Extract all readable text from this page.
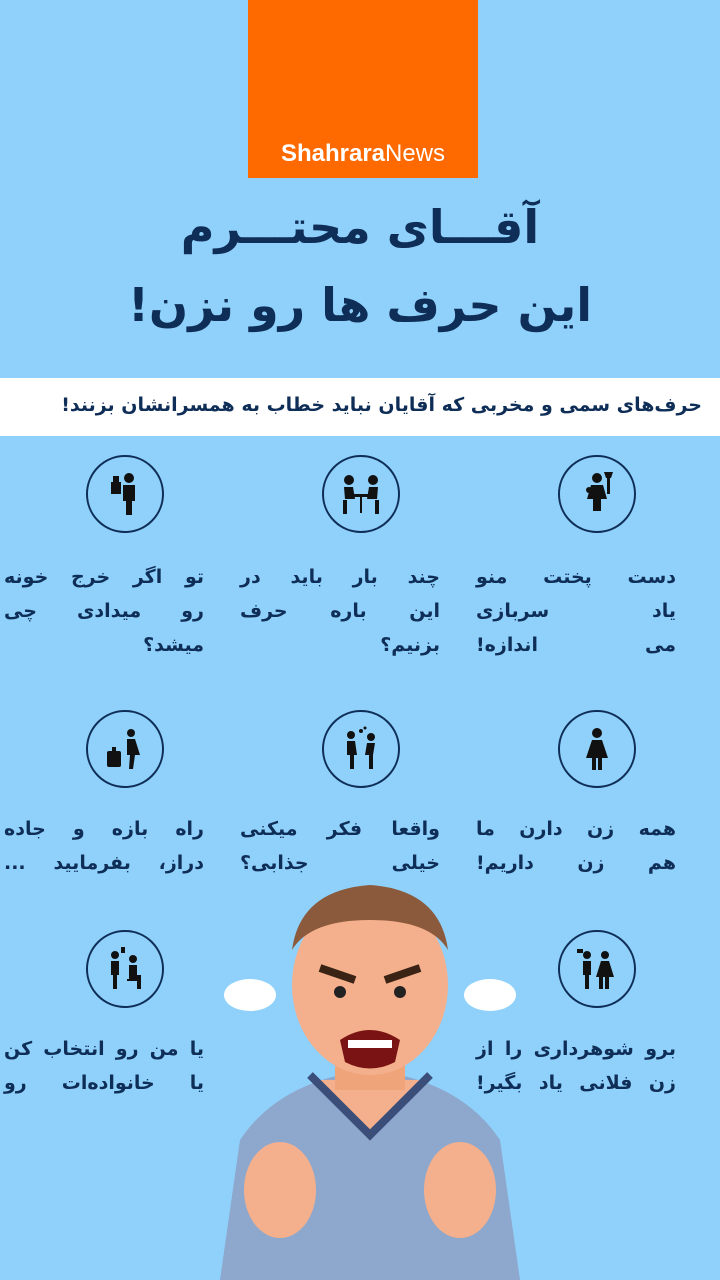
ShahraraNews
آقـــای محتـــرم
این حرف ها رو نزن!
حرف‌های سمی و مخربی که آقایان نباید خطاب به همسرانشان بزنند!
دست پختت منو
یاد سربازی
می اندازه!
چند بار باید در
این باره حرف
بزنیم؟
تو اگر خرج خونه
رو میدادی چی
میشد؟
همه زن دارن ما
هم زن داریم!
واقعا فکر میکنی
خیلی جذابی؟
راه بازه و جاده
دراز، بفرمایید ...
برو شوهرداری را از
زن فلانی یاد بگیر!
یا من رو انتخاب کن
یا خانواده‌ات رو
